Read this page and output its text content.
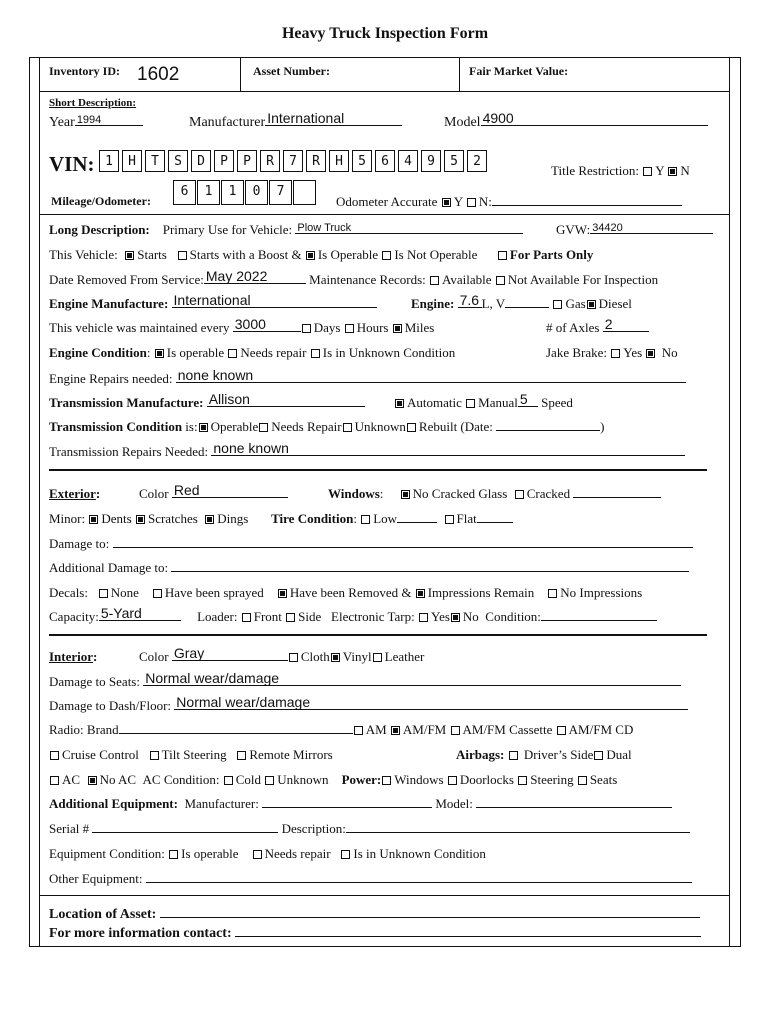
Heavy Truck Inspection Form
Inventory ID: 1602	Asset Number:	Fair Market Value:
Short Description:
Year 1994	Manufacturer International	Model 4900
VIN: 1 H T S D P P R 7 R H 5 6 4 9 5 2
Title Restriction: Y N
Mileage/Odometer:
6 1 1 0 7
Odometer Accurate Y N:
Long Description: Primary Use for Vehicle: Plow Truck	GVW: 34420
This Vehicle: Starts Starts with a Boost & Is Operable Is Not Operable	For Parts Only
Date Removed From Service: May 2022	Maintenance Records: Available Not Available For Inspection
Engine Manufacture: International	Engine: 7.6 L, V	Gas Diesel
This vehicle was maintained every 3000	Days Hours Miles	# of Axles 2
Engine Condition: Is operable Needs repair Is in Unknown Condition	Jake Brake: Yes No
Engine Repairs needed: none known
Transmission Manufacture: Allison	Automatic Manual 5 Speed
Transmission Condition is: Operable Needs Repair Unknown Rebuilt (Date:	)
Transmission Repairs Needed: none known
Exterior:	Color Red	Windows:     No Cracked Glass Cracked
Minor: Dents Scratches Dings Tire Condition: Low	Flat
Damage to:
Additional Damage to:
Decals: None Have been sprayed Have been Removed & Impressions Remain No Impressions
Capacity: 5-Yard	Loader: Front Side Electronic Tarp: Yes No Condition:
Interior:	Color Gray	Cloth Vinyl Leather
Damage to Seats: Normal wear/damage
Damage to Dash/Floor: Normal wear/damage
Radio: Brand	AM AM/FM AM/FM Cassette AM/FM CD
Cruise Control Tilt Steering Remote Mirrors	Airbags: Driver’s Side Dual
AC No AC AC Condition: Cold Unknown Power: Windows Doorlocks Steering Seats
Additional Equipment: Manufacturer:	Model:
Serial #	Description:
Equipment Condition: Is operable Needs repair Is in Unknown Condition
Other Equipment:
Location of Asset:
For more information contact:
